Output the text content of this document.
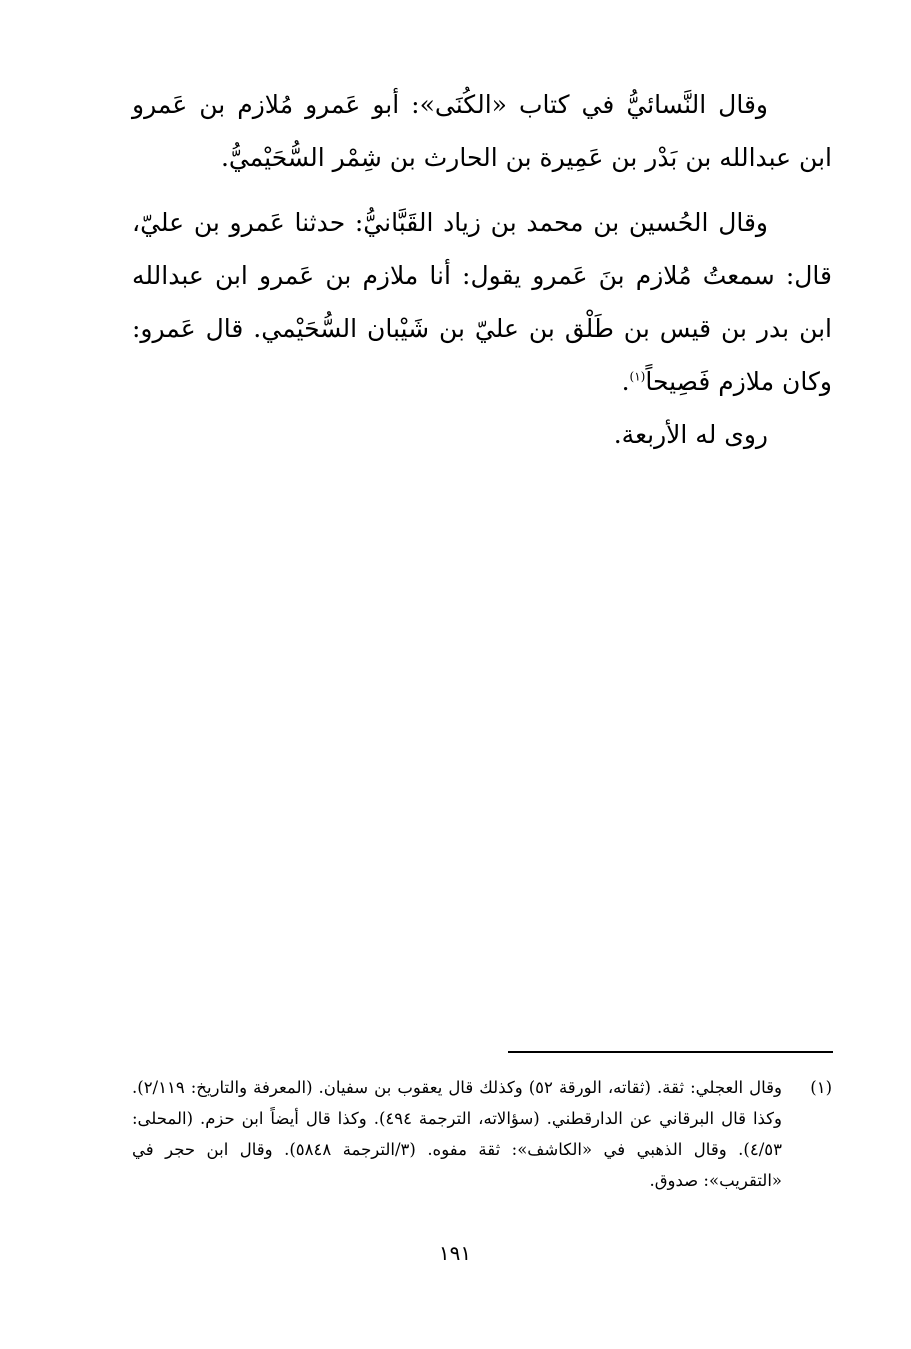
وقال النَّسائيُّ في كتاب «الكُنَى»: أبو عَمرو مُلازم بن عَمرو ابن عبدالله بن بَدْر بن عَمِيرة بن الحارث بن شِمْر السُّحَيْميُّ.

وقال الحُسين بن محمد بن زياد القَبَّانيُّ: حدثنا عَمرو بن عليّ، قال: سمعتُ مُلازم بنَ عَمرو يقول: أنا ملازم بن عَمرو ابن عبدالله ابن بدر بن قيس بن طَلْق بن عليّ بن شَيْبان السُّحَيْمي. قال عَمرو: وكان ملازم فَصِيحاً$^{(١)}$.

روى له الأربعة.

(١)
وقال العجلي: ثقة. (ثقاته، الورقة ٥٢) وكذلك قال يعقوب بن سفيان. (المعرفة والتاريخ: ٢/١١٩). وكذا قال البرقاني عن الدارقطني. (سؤالاته، الترجمة ٤٩٤). وكذا قال أيضاً ابن حزم. (المحلى: ٤/٥٣). وقال الذهبي في «الكاشف»: ثقة مفوه. (٣/الترجمة ٥٨٤٨). وقال ابن حجر في «التقريب»: صدوق.
١٩١
